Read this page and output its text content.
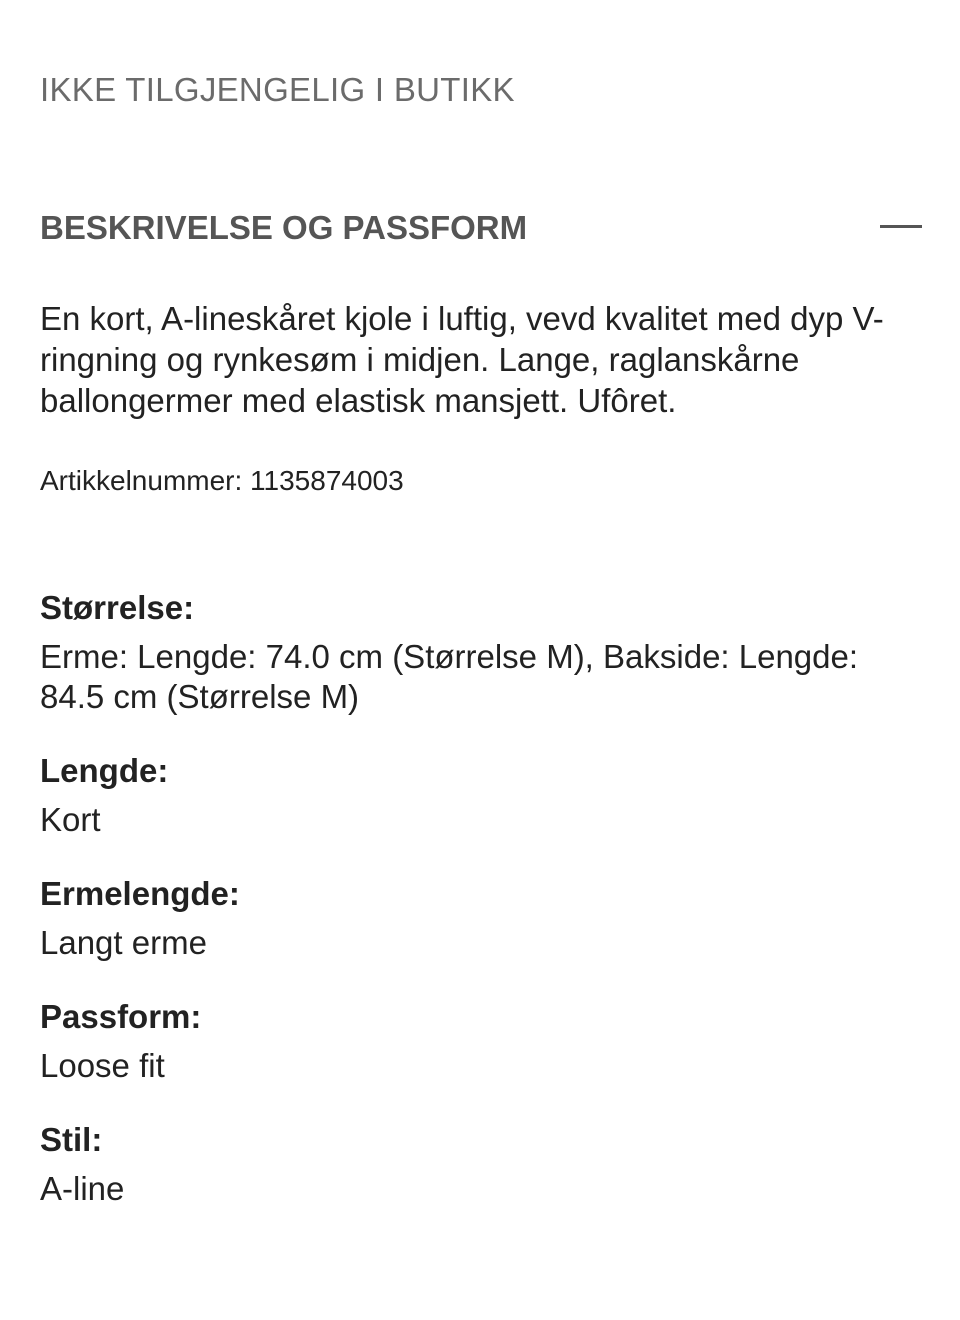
IKKE TILGJENGELIG I BUTIKK
BESKRIVELSE OG PASSFORM

En kort, A-lineskåret kjole i luftig, vevd kvalitet med dyp V-ringning og rynkesøm i midjen. Lange, raglanskårne ballongermer med elastisk mansjett. Ufôret.

Artikkelnummer: 1135874003
Størrelse:
Erme: Lengde: 74.0 cm (Størrelse M), Bakside: Lengde: 84.5 cm (Størrelse M)
Lengde:
Kort
Ermelengde:
Langt erme
Passform:
Loose fit
Stil:
A-line
